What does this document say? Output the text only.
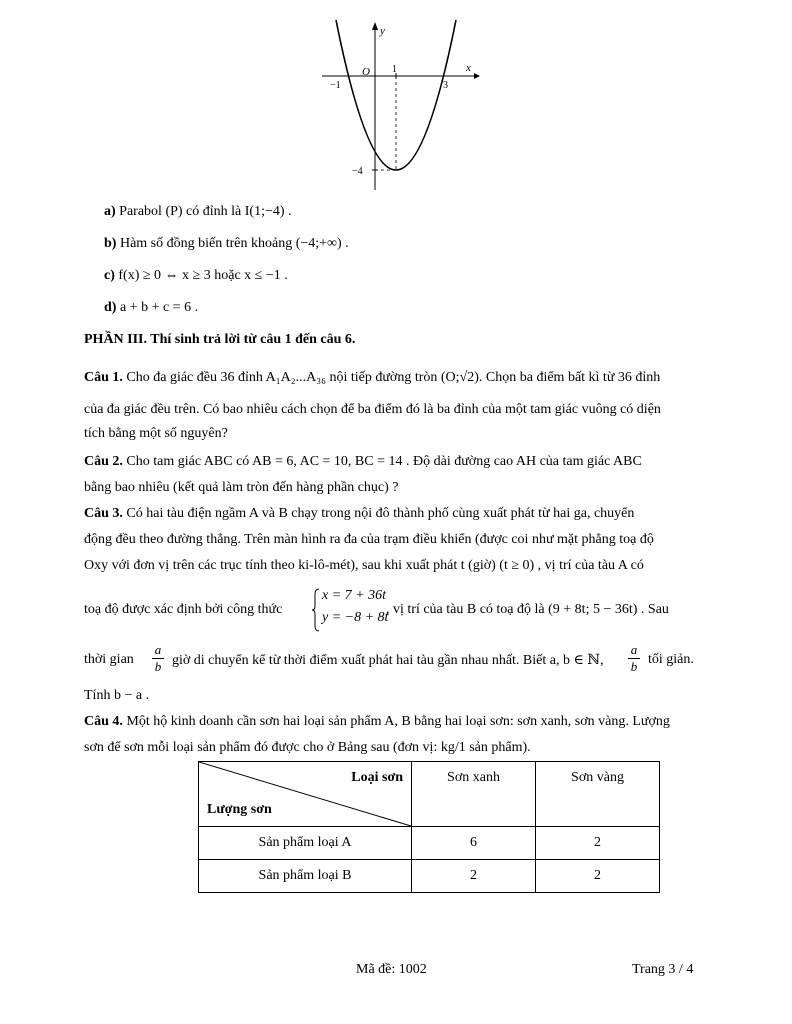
y
x
O 1
−1	3
−4
a) Parabol (P) có đỉnh là I(1;−4) .
b) Hàm số đồng biến trên khoảng (−4;+∞) .
c) f(x) ≥ 0 ⇔ x ≥ 3 hoặc x ≤ −1 .
d) a + b + c = 6 .
PHẦN III. Thí sinh trả lời từ câu 1 đến câu 6.
Câu 1. Cho đa giác đều 36 đỉnh A₁A₂...A₃₆ nội tiếp đường tròn (O;√2). Chọn ba điểm bất kì từ 36 đỉnh
của đa giác đều trên. Có bao nhiêu cách chọn để ba điểm đó là ba đỉnh của một tam giác vuông có diện
tích bằng một số nguyên?
Câu 2. Cho tam giác ABC có AB = 6, AC = 10, BC = 14 . Độ dài đường cao AH của tam giác ABC
bằng bao nhiêu (kết quả làm tròn đến hàng phần chục) ?
Câu 3. Có hai tàu điện ngầm A và B chạy trong nội đô thành phố cùng xuất phát từ hai ga, chuyển
động đều theo đường thẳng. Trên màn hình ra đa của trạm điều khiển (được coi như mặt phẳng toạ độ
Oxy với đơn vị trên các trục tính theo ki-lô-mét), sau khi xuất phát t (giờ) (t ≥ 0) , vị trí của tàu A có
toạ độ được xác định bởi công thức
x = 7 + 36t
y = −8 + 8t
, vị trí của tàu B có toạ độ là (9 + 8t; 5 − 36t) . Sau
thời gian
a
b giờ di chuyển kể từ thời điểm xuất phát hai tàu gần nhau nhất. Biết a, b ∈ ℕ,
a
b tối giản.
Tính b − a .
Câu 4. Một hộ kinh doanh cần sơn hai loại sản phẩm A, B bằng hai loại sơn: sơn xanh, sơn vàng. Lượng
sơn để sơn mỗi loại sản phẩm đó được cho ở Bảng sau (đơn vị: kg/1 sản phẩm).
Loại sơn
Lượng sơn	Sơn xanh	Sơn vàng
Sản phẩm loại A	6	2
Sản phẩm loại B	2	2
Mã đề: 1002	Trang 3 / 4
